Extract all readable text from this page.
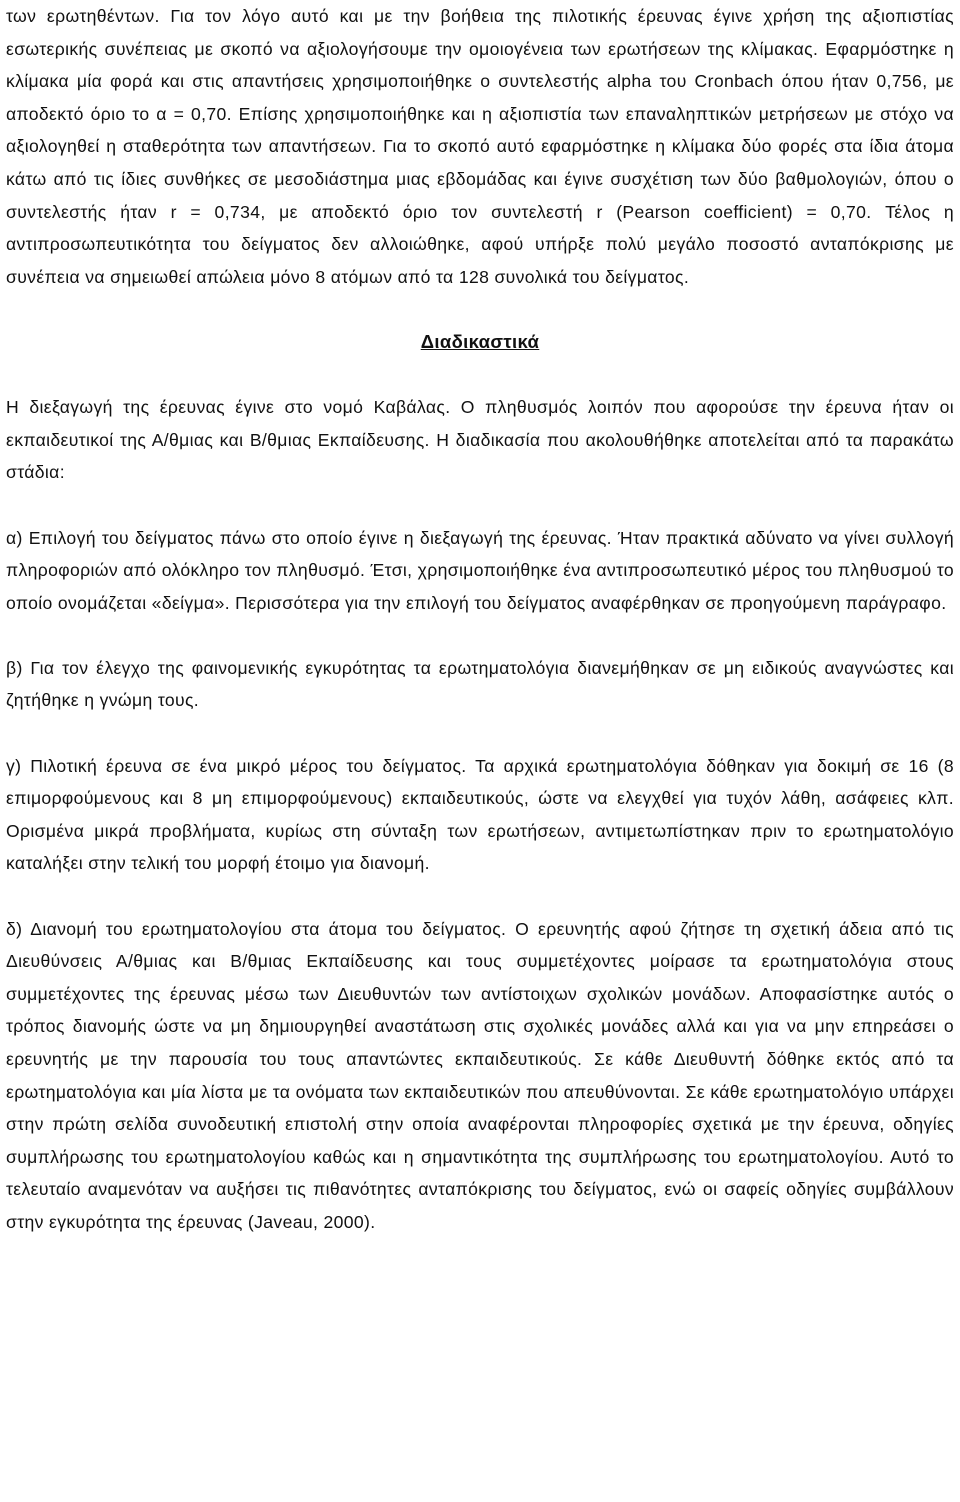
των ερωτηθέντων. Για τον λόγο αυτό και με την βοήθεια της πιλοτικής έρευνας έγινε χρήση της αξιοπιστίας εσωτερικής συνέπειας με σκοπό να αξιολογήσουμε την ομοιογένεια των ερωτήσεων της κλίμακας. Εφαρμόστηκε η κλίμακα μία φορά και στις απαντήσεις χρησιμοποιήθηκε ο συντελεστής alpha του Cronbach όπου ήταν 0,756, με αποδεκτό όριο το α = 0,70. Επίσης χρησιμοποιήθηκε και η αξιοπιστία των επαναληπτικών μετρήσεων με στόχο να αξιολογηθεί η σταθερότητα των απαντήσεων. Για το σκοπό αυτό εφαρμόστηκε η κλίμακα δύο φορές στα ίδια άτομα κάτω από τις ίδιες συνθήκες σε μεσοδιάστημα μιας εβδομάδας και έγινε συσχέτιση των δύο βαθμολογιών, όπου ο συντελεστής ήταν r = 0,734, με αποδεκτό όριο τον συντελεστή r (Pearson coefficient) = 0,70. Τέλος η αντιπροσωπευτικότητα του δείγματος δεν αλλοιώθηκε, αφού υπήρξε πολύ μεγάλο ποσοστό ανταπόκρισης με συνέπεια να σημειωθεί απώλεια μόνο 8 ατόμων από τα 128 συνολικά του δείγματος.

Διαδικαστικά

Η διεξαγωγή της έρευνας έγινε στο νομό Καβάλας. Ο πληθυσμός λοιπόν που αφορούσε την έρευνα ήταν οι εκπαιδευτικοί της Α/θμιας και Β/θμιας Εκπαίδευσης. Η διαδικασία που ακολουθήθηκε αποτελείται από τα παρακάτω στάδια:

α) Επιλογή του δείγματος πάνω στο οποίο έγινε η διεξαγωγή της έρευνας. Ήταν πρακτικά αδύνατο να γίνει συλλογή πληροφοριών από ολόκληρο τον πληθυσμό. Έτσι, χρησιμοποιήθηκε ένα αντιπροσωπευτικό μέρος του πληθυσμού το οποίο ονομάζεται «δείγμα». Περισσότερα για την επιλογή του δείγματος αναφέρθηκαν σε προηγούμενη παράγραφο.

β) Για τον έλεγχο της φαινομενικής εγκυρότητας τα ερωτηματολόγια διανεμήθηκαν σε μη ειδικούς αναγνώστες και ζητήθηκε η γνώμη τους.

γ) Πιλοτική έρευνα σε ένα μικρό μέρος του δείγματος. Τα αρχικά ερωτηματολόγια δόθηκαν για δοκιμή σε 16 (8 επιμορφούμενους και 8 μη επιμορφούμενους) εκπαιδευτικούς, ώστε να ελεγχθεί για τυχόν λάθη, ασάφειες κλπ. Ορισμένα μικρά προβλήματα, κυρίως στη σύνταξη των ερωτήσεων, αντιμετωπίστηκαν πριν το ερωτηματολόγιο καταλήξει στην τελική του μορφή έτοιμο για διανομή.

δ) Διανομή του ερωτηματολογίου στα άτομα του δείγματος. Ο ερευνητής αφού ζήτησε τη σχετική άδεια από τις Διευθύνσεις Α/θμιας και Β/θμιας Εκπαίδευσης και τους συμμετέχοντες μοίρασε τα ερωτηματολόγια στους συμμετέχοντες της έρευνας μέσω των Διευθυντών των αντίστοιχων σχολικών μονάδων. Αποφασίστηκε αυτός ο τρόπος διανομής ώστε να μη δημιουργηθεί αναστάτωση στις σχολικές μονάδες αλλά και για να μην επηρεάσει ο ερευνητής με την παρουσία του τους απαντώντες εκπαιδευτικούς. Σε κάθε Διευθυντή δόθηκε εκτός από τα ερωτηματολόγια και μία λίστα με τα ονόματα των εκπαιδευτικών που απευθύνονται. Σε κάθε ερωτηματολόγιο υπάρχει στην πρώτη σελίδα συνοδευτική επιστολή στην οποία αναφέρονται πληροφορίες σχετικά με την έρευνα, οδηγίες συμπλήρωσης του ερωτηματολογίου καθώς και η σημαντικότητα της συμπλήρωσης του ερωτηματολογίου. Αυτό το τελευταίο αναμενόταν να αυξήσει τις πιθανότητες ανταπόκρισης του δείγματος, ενώ οι σαφείς οδηγίες συμβάλλουν στην εγκυρότητα της έρευνας (Javeau, 2000).
